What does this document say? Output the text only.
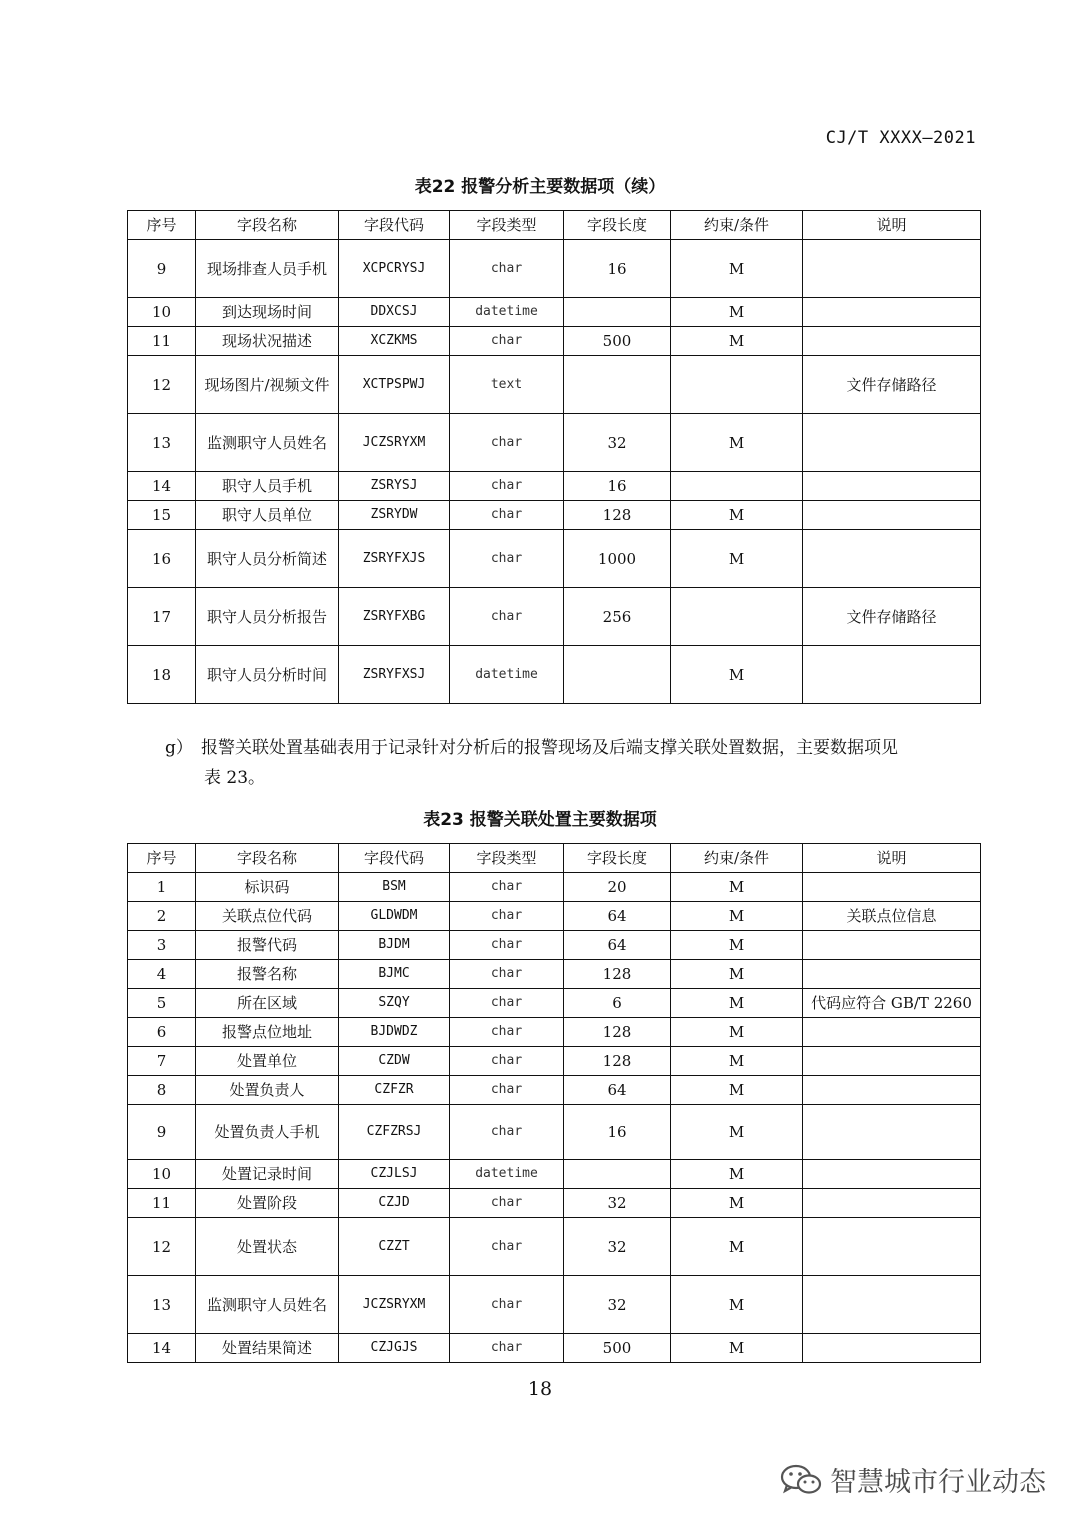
CJ/T XXXX—2021
表22 报警分析主要数据项（续）
序号	字段名称	字段代码	字段类型	字段长度	约束/条件	说明
9	现场排查人员手机	XCPCRYSJ	char	16	M	
10	到达现场时间	DDXCSJ	datetime		M	
11	现场状况描述	XCZKMS	char	500	M	
12	现场图片/视频文件	XCTPSPWJ	text			文件存储路径
13	监测职守人员姓名	JCZSRYXM	char	32	M	
14	职守人员手机	ZSRYSJ	char	16		
15	职守人员单位	ZSRYDW	char	128	M	
16	职守人员分析简述	ZSRYFXJS	char	1000	M	
17	职守人员分析报告	ZSRYFXBG	char	256		文件存储路径
18	职守人员分析时间	ZSRYFXSJ	datetime		M	
g） 报警关联处置基础表用于记录针对分析后的报警现场及后端支撑关联处置数据，主要数据项见
表 23。
表23 报警关联处置主要数据项
序号	字段名称	字段代码	字段类型	字段长度	约束/条件	说明
1	标识码	BSM	char	20	M	
2	关联点位代码	GLDWDM	char	64	M	关联点位信息
3	报警代码	BJDM	char	64	M	
4	报警名称	BJMC	char	128	M	
5	所在区域	SZQY	char	6	M	代码应符合 GB/T 2260
6	报警点位地址	BJDWDZ	char	128	M	
7	处置单位	CZDW	char	128	M	
8	处置负责人	CZFZR	char	64	M	
9	处置负责人手机	CZFZRSJ	char	16	M	
10	处置记录时间	CZJLSJ	datetime		M	
11	处置阶段	CZJD	char	32	M	
12	处置状态	CZZT	char	32	M	
13	监测职守人员姓名	JCZSRYXM	char	32	M	
14	处置结果简述	CZJGJS	char	500	M	
18
智慧城市行业动态
